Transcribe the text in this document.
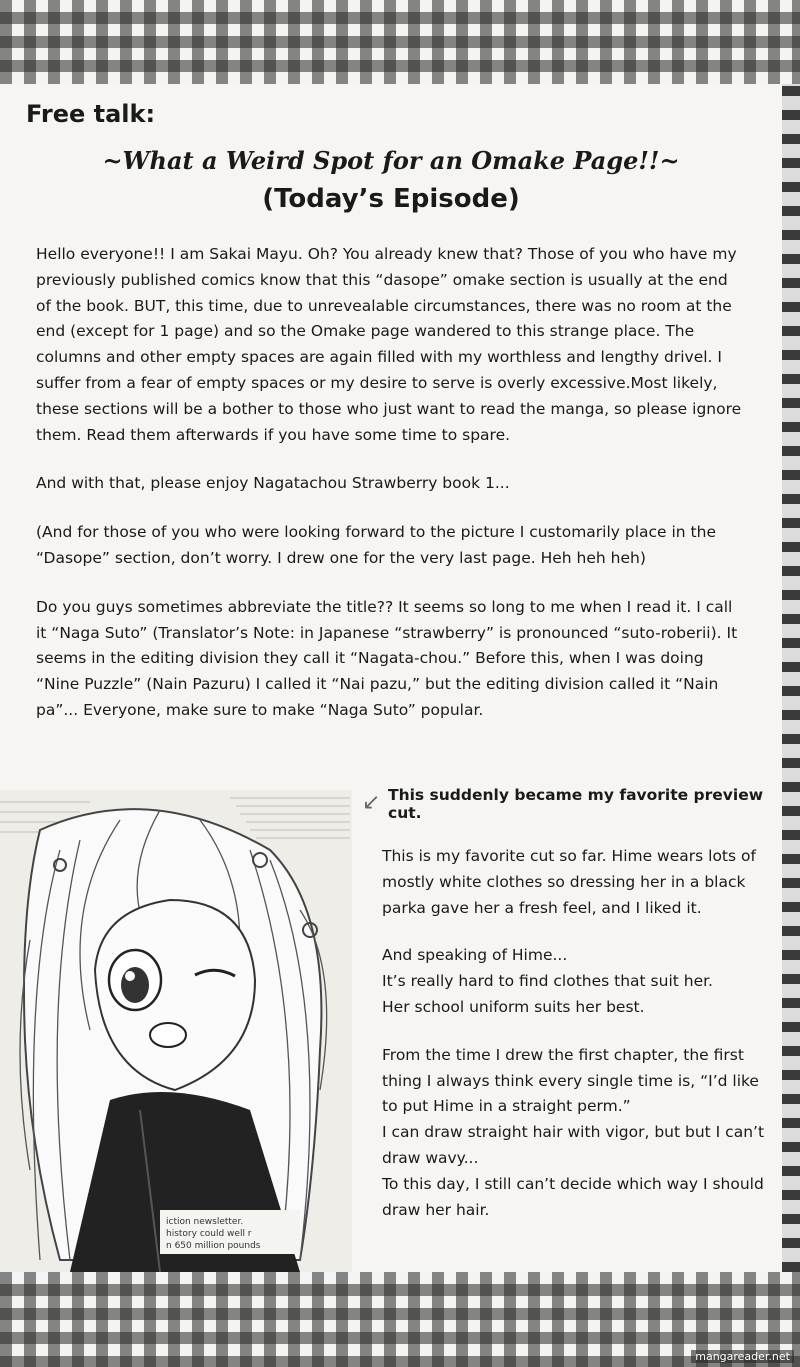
Free talk:
~What a Weird Spot for an Omake Page!!~
(Today’s Episode)

Hello everyone!! I am Sakai Mayu. Oh? You already knew that? Those of you who have my previously published comics know that this “dasope” omake section is usually at the end of the book. BUT, this time, due to unrevealable circumstances, there was no room at the end (except for 1 page) and so the Omake page wandered to this strange place. The columns and other empty spaces are again filled with my worthless and lengthy drivel. I suffer from a fear of empty spaces or my desire to serve is overly excessive.Most likely, these sections will be a bother to those who just want to read the manga, so please ignore them. Read them afterwards if you have some time to spare.

And with that, please enjoy Nagatachou Strawberry book 1...

(And for those of you who were looking forward to the picture I customarily place in the “Dasope” section, don’t worry. I drew one for the very last page. Heh heh heh)

Do you guys sometimes abbreviate the title?? It seems so long to me when I read it. I call it “Naga Suto” (Translator’s Note: in Japanese “strawberry” is pronounced “suto-roberii). It seems in the editing division they call it “Nagata-chou.” Before this, when I was doing “Nine Puzzle” (Nain Pazuru) I called it “Nai pazu,” but the editing division called it “Nain pa”... Everyone, make sure to make “Naga Suto” popular.

iction newsletter.
history could well r
n 650 million pounds
↙ This suddenly became my favorite preview cut.

This is my favorite cut so far. Hime wears lots of mostly white clothes so dressing her in a black parka gave her a fresh feel, and I liked it.

And speaking of Hime...
It’s really hard to find clothes that suit her.
Her school uniform suits her best.

From the time I drew the first chapter, the first thing I always think every single time is, “I’d like to put Hime in a straight perm.”
I can draw straight hair with vigor, but but I can’t draw wavy...
To this day, I still can’t decide which way I should draw her hair.

mangareader.net
